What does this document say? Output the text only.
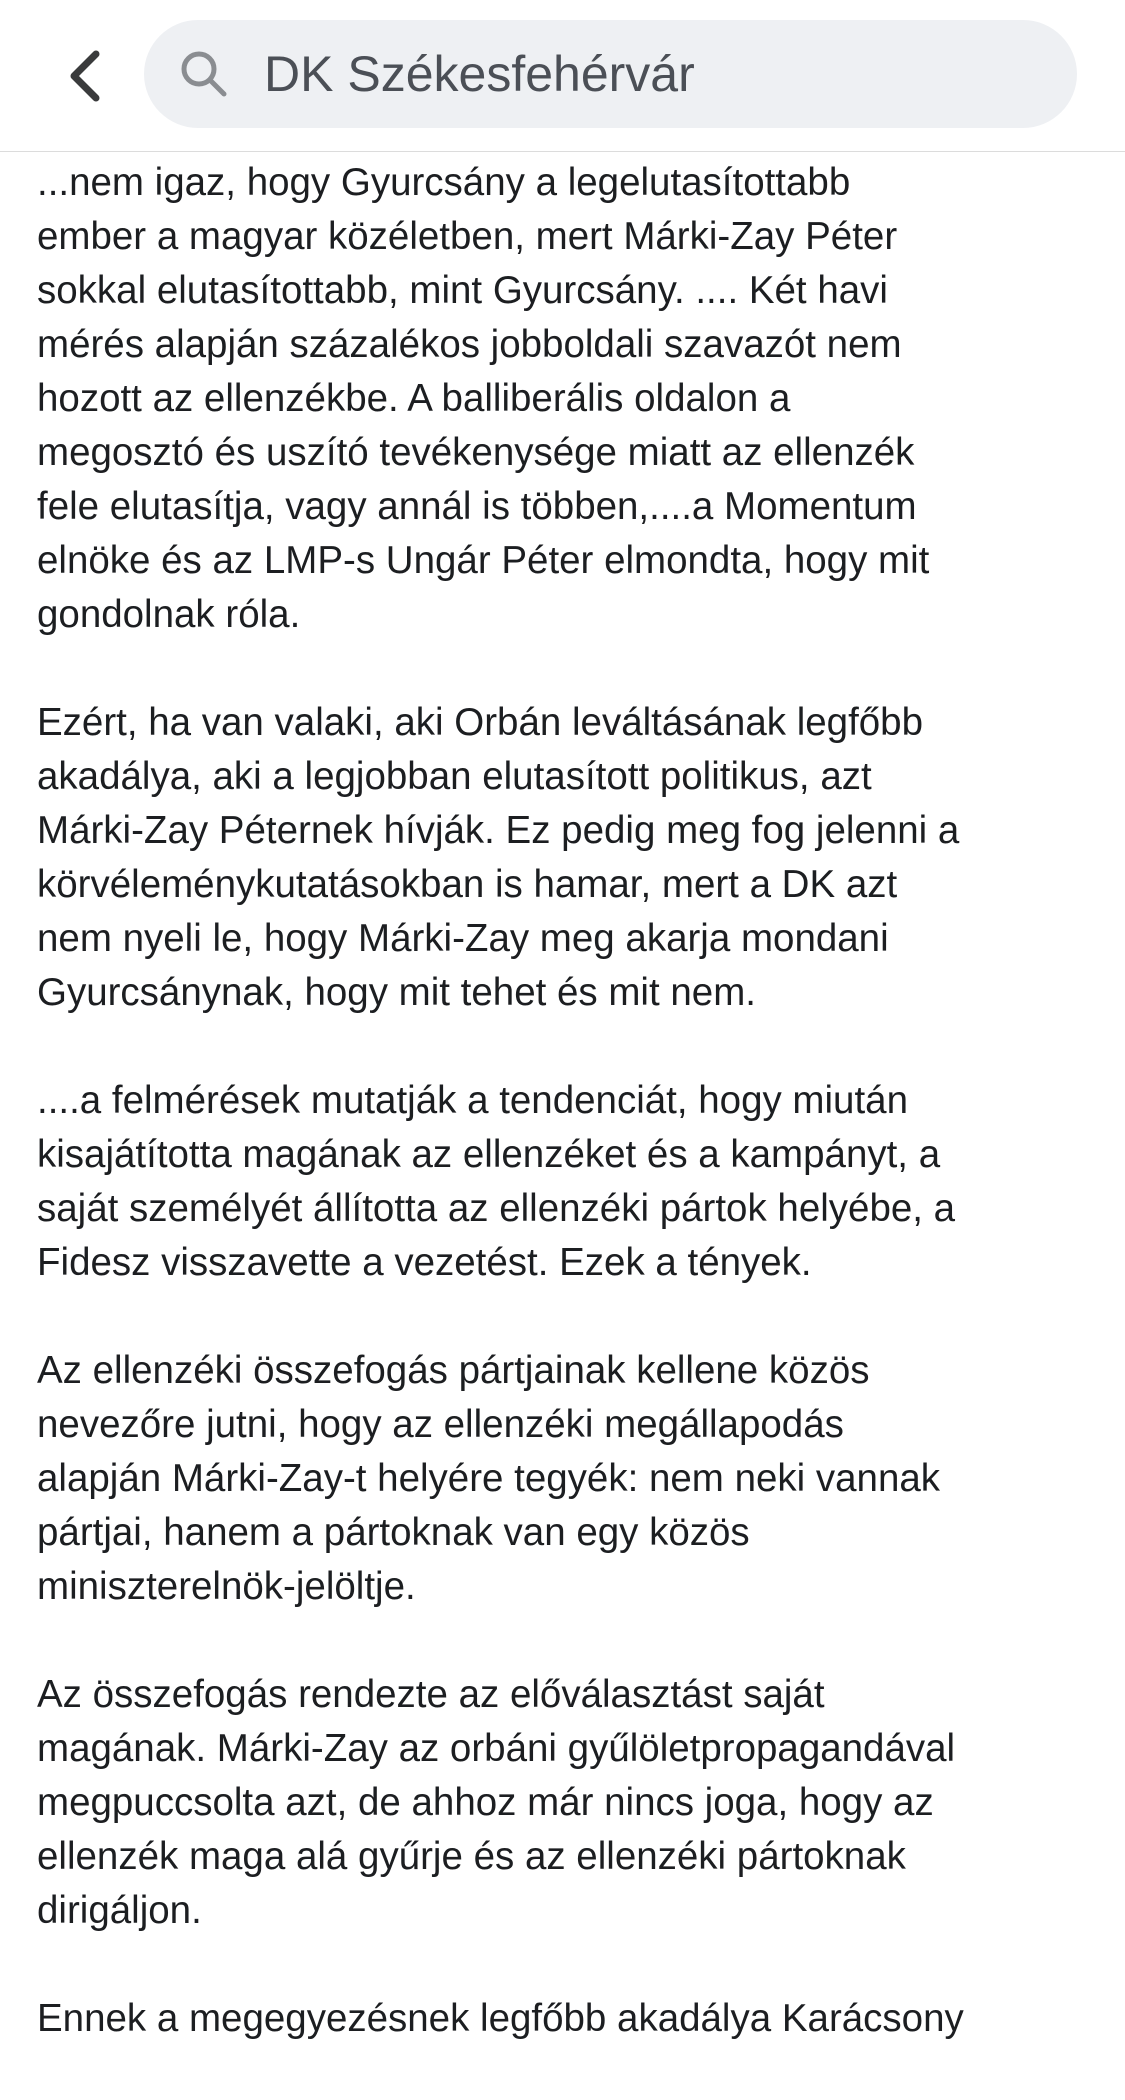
DK Székesfehérvár

...nem igaz, hogy Gyurcsány a legelutasítottabb
ember a magyar közéletben, mert Márki-Zay Péter
sokkal elutasítottabb, mint Gyurcsány. .... Két havi
mérés alapján százalékos jobboldali szavazót nem
hozott az ellenzékbe. A balliberális oldalon a
megosztó és uszító tevékenysége miatt az ellenzék
fele elutasítja, vagy annál is többen,....a Momentum
elnöke és az LMP-s Ungár Péter elmondta, hogy mit
gondolnak róla.

Ezért, ha van valaki, aki Orbán leváltásának legfőbb
akadálya, aki a legjobban elutasított politikus, azt
Márki-Zay Péternek hívják. Ez pedig meg fog jelenni a
körvéleménykutatásokban is hamar, mert a DK azt
nem nyeli le, hogy Márki-Zay meg akarja mondani
Gyurcsánynak, hogy mit tehet és mit nem.

....a felmérések mutatják a tendenciát, hogy miután
kisajátította magának az ellenzéket és a kampányt, a
saját személyét állította az ellenzéki pártok helyébe, a
Fidesz visszavette a vezetést. Ezek a tények.

Az ellenzéki összefogás pártjainak kellene közös
nevezőre jutni, hogy az ellenzéki megállapodás
alapján Márki-Zay-t helyére tegyék: nem neki vannak
pártjai, hanem a pártoknak van egy közös
miniszterelnök-jelöltje.

Az összefogás rendezte az előválasztást saját
magának. Márki-Zay az orbáni gyűlöletpropagandával
megpuccsolta azt, de ahhoz már nincs joga, hogy az
ellenzék maga alá gyűrje és az ellenzéki pártoknak
dirigáljon.

Ennek a megegyezésnek legfőbb akadálya Karácsony
